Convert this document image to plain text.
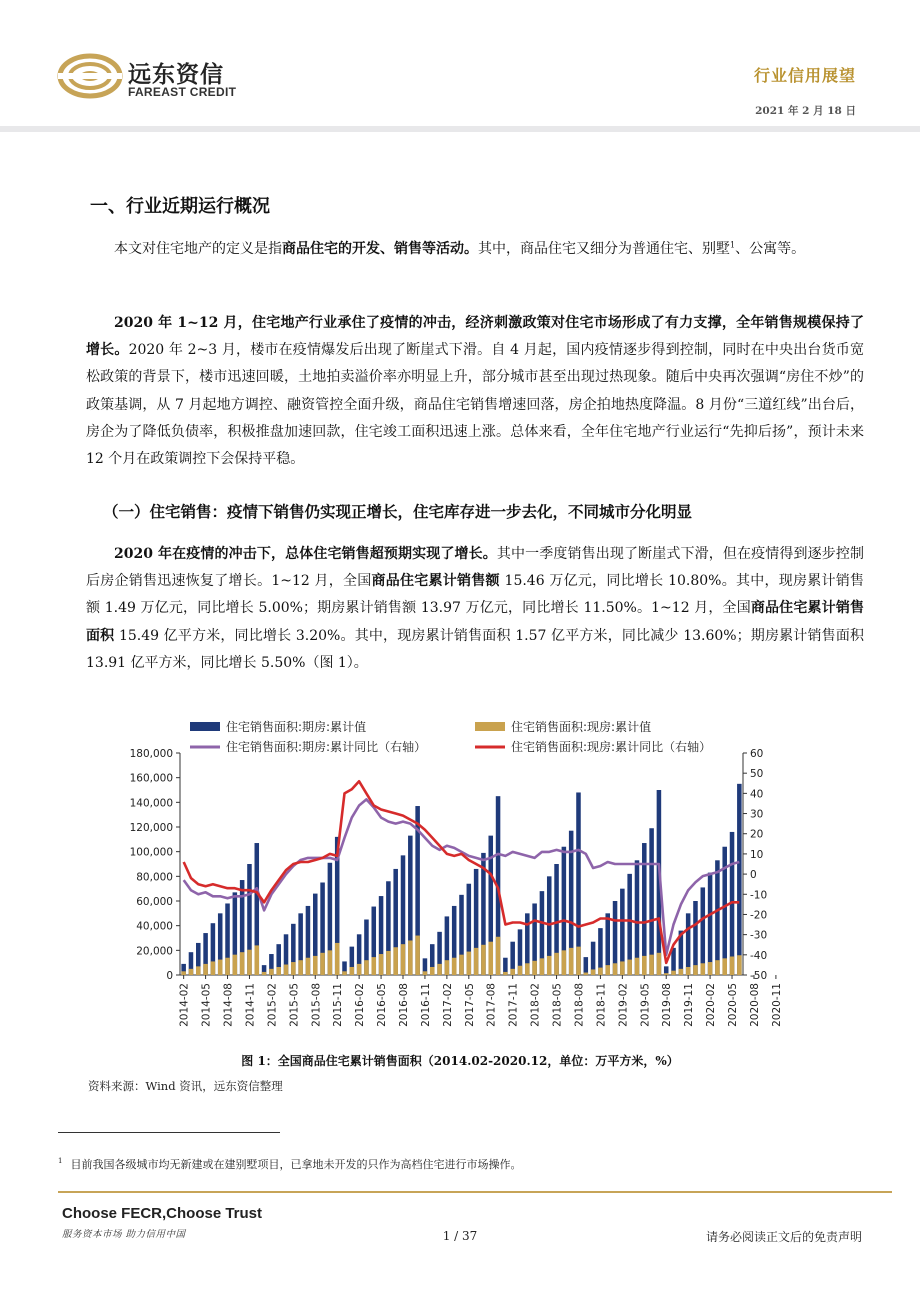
远东资信
FAREAST CREDIT
行业信用展望
2021 年 2 月 18 日
一、行业近期运行概况
本文对住宅地产的定义是指商品住宅的开发、销售等活动。其中，商品住宅又细分为普通住宅、别墅$^1$、公寓等。
2020 年 1~12 月，住宅地产行业承住了疫情的冲击，经济刺激政策对住宅市场形成了有力支撑，全年销售规模保持了增长。2020 年 2~3 月，楼市在疫情爆发后出现了断崖式下滑。自 4 月起，国内疫情逐步得到控制，同时在中央出台货币宽松政策的背景下，楼市迅速回暖，土地拍卖溢价率亦明显上升，部分城市甚至出现过热现象。随后中央再次强调“房住不炒”的政策基调，从 7 月起地方调控、融资管控全面升级，商品住宅销售增速回落，房企拍地热度降温。8 月份“三道红线”出台后，房企为了降低负债率，积极推盘加速回款，住宅竣工面积迅速上涨。总体来看，全年住宅地产行业运行“先抑后扬”，预计未来 12 个月在政策调控下会保持平稳。
（一）住宅销售：疫情下销售仍实现正增长，住宅库存进一步去化，不同城市分化明显
2020 年在疫情的冲击下，总体住宅销售超预期实现了增长。其中一季度销售出现了断崖式下滑，但在疫情得到逐步控制后房企销售迅速恢复了增长。1~12 月，全国商品住宅累计销售额 15.46 万亿元，同比增长 10.80%。其中，现房累计销售额 1.49 万亿元，同比增长 5.00%；期房累计销售额 13.97 万亿元，同比增长 11.50%。1~12 月，全国商品住宅累计销售面积 15.49 亿平方米，同比增长 3.20%。其中，现房累计销售面积 1.57 亿平方米，同比减少 13.60%；期房累计销售面积 13.91 亿平方米，同比增长 5.50%（图 1）。
住宅销售面积:期房:累计值	住宅销售面积:现房:累计值
住宅销售面积:期房:累计同比（右轴）	住宅销售面积:现房:累计同比（右轴）
180,000
160,000
140,000
120,000
100,000
80,000
60,000
40,000
20,000
0
60
50
40
30
20
10
0
-10
-20
-30
-40
-50
2014-02 2014-05 2014-08 2014-11 2015-02 2015-05 2015-08 2015-11 2016-02 2016-05 2016-08 2016-11 2017-02 2017-05 2017-08 2017-11 2018-02 2018-05 2018-08 2018-11 2019-02 2019-05 2019-08 2019-11 2020-02 2020-05 2020-08 2020-11
图 1：全国商品住宅累计销售面积（2014.02-2020.12，单位：万平方米，%）
资料来源：Wind 资讯，远东资信整理
$^1$ 目前我国各级城市均无新建或在建别墅项目，已拿地未开发的只作为高档住宅进行市场操作。
Choose FECR,Choose Trust
服务资本市场 助力信用中国	1 / 37	请务必阅读正文后的免责声明
